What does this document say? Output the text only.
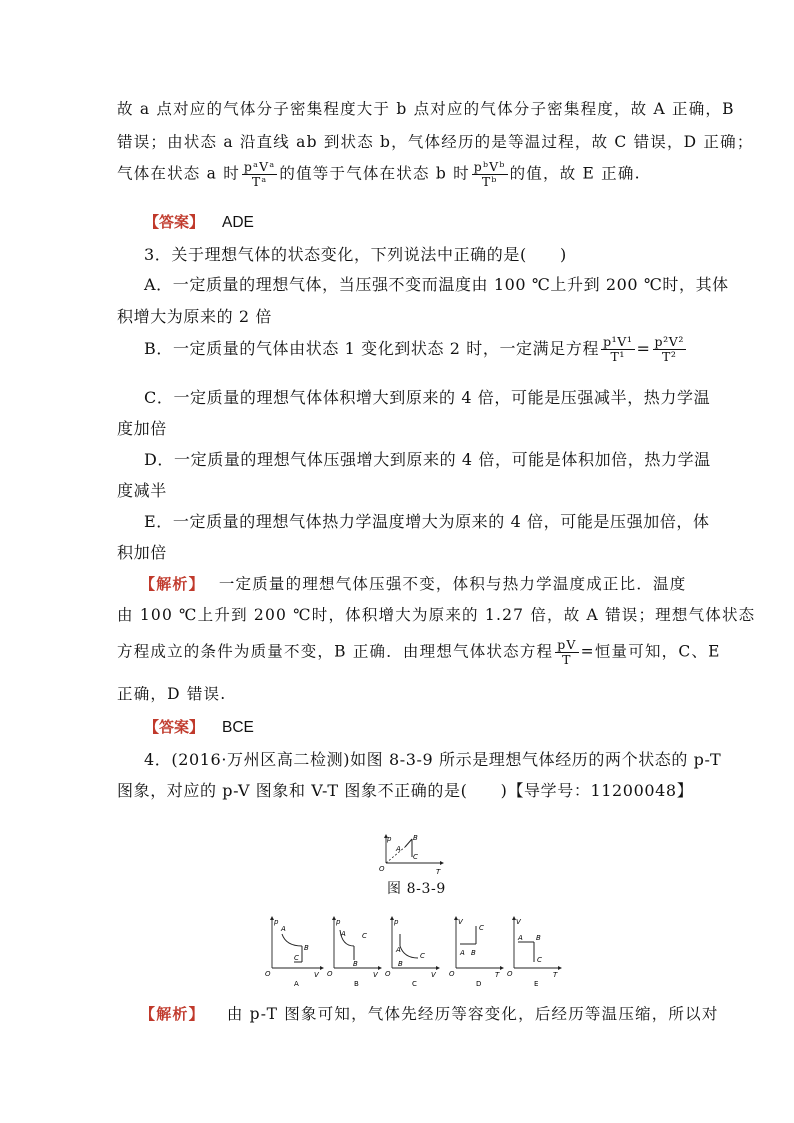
故 a 点对应的气体分子密集程度大于 b 点对应的气体分子密集程度，故 A 正确，B
错误；由状态 a 沿直线 ab 到状态 b，气体经历的是等温过程，故 C 错误，D 正确；
气体在状态 a 时 $\frac{\text{pᵃVᵃ}}{\text{Tᵃ}}$ 的值等于气体在状态 b 时 $\frac{\text{pᵇVᵇ}}{\text{Tᵇ}}$ 的值，故 E 正确.
【答案】 ADE
3．关于理想气体的状态变化，下列说法中正确的是(　　)
A．一定质量的理想气体，当压强不变而温度由 100 ℃上升到 200 ℃时，其体
积增大为原来的 2 倍
B．一定质量的气体由状态 1 变化到状态 2 时，一定满足方程 $\frac{\text{p¹V¹}}{\text{T¹}} = \frac{\text{p²V²}}{\text{T²}}$
C．一定质量的理想气体体积增大到原来的 4 倍，可能是压强减半，热力学温
度加倍
D．一定质量的理想气体压强增大到原来的 4 倍，可能是体积加倍，热力学温
度减半
E．一定质量的理想气体热力学温度增大为原来的 4 倍，可能是压强加倍，体
积加倍
【解析】 一定质量的理想气体压强不变，体积与热力学温度成正比．温度
由 100 ℃上升到 200 ℃时，体积增大为原来的 1.27 倍，故 A 错误；理想气体状态
方程成立的条件为质量不变，B 正确．由理想气体状态方程 $\frac{pV}{T}$ =恒量可知，C、E
正确，D 错误.
【答案】 BCE
4．(2016·万州区高二检测)如图 8-3-9 所示是理想气体经历的两个状态的 p-T
图象，对应的 p-V 图象和 V-T 图象不正确的是(　　)【导学号：11200048】
p
T
O
A
B
C
图 8-3-9
p
V
O
A
B
C
A
p
V
O
A
B
C
B
p
V
O
A
B
C
C
V
T
O
A B
C
D
V
T
O
A B
C
E
【解析】 由 p-T 图象可知，气体先经历等容变化，后经历等温压缩，所以对
